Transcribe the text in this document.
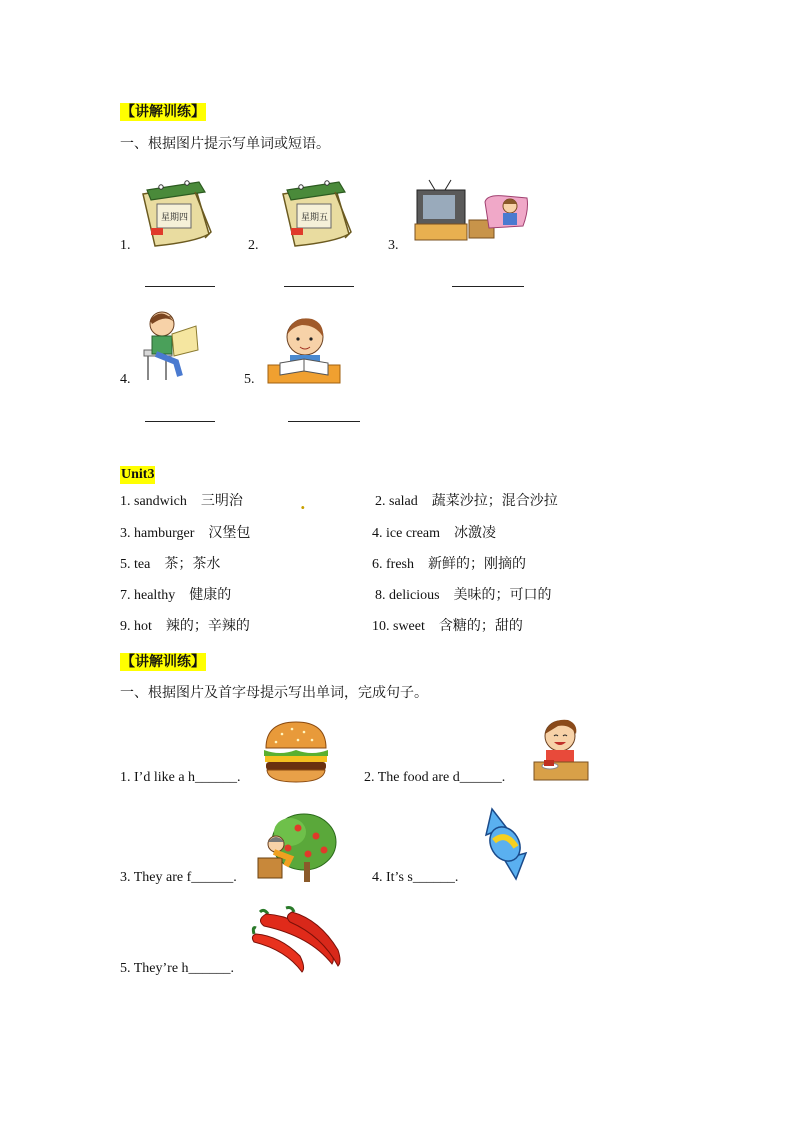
【讲解训练】
一、根据图片提示写单词或短语。
1.
星期四
2.
星期五
3.
4.	5.
Unit3
1. sandwich 三明治	.	2. salad 蔬菜沙拉；混合沙拉
3. hamburger 汉堡包	4. ice cream 冰激凌
5. tea 茶；茶水	6. fresh 新鲜的；刚摘的
7. healthy 健康的	8. delicious 美味的；可口的
9. hot 辣的；辛辣的	10. sweet 含糖的；甜的
【讲解训练】
一、根据图片及首字母提示写出单词，完成句子。
1. I’d like a h______.	2. The food are d______.
3. They are f______.	4. It’s s______.
5. They’re h______.
